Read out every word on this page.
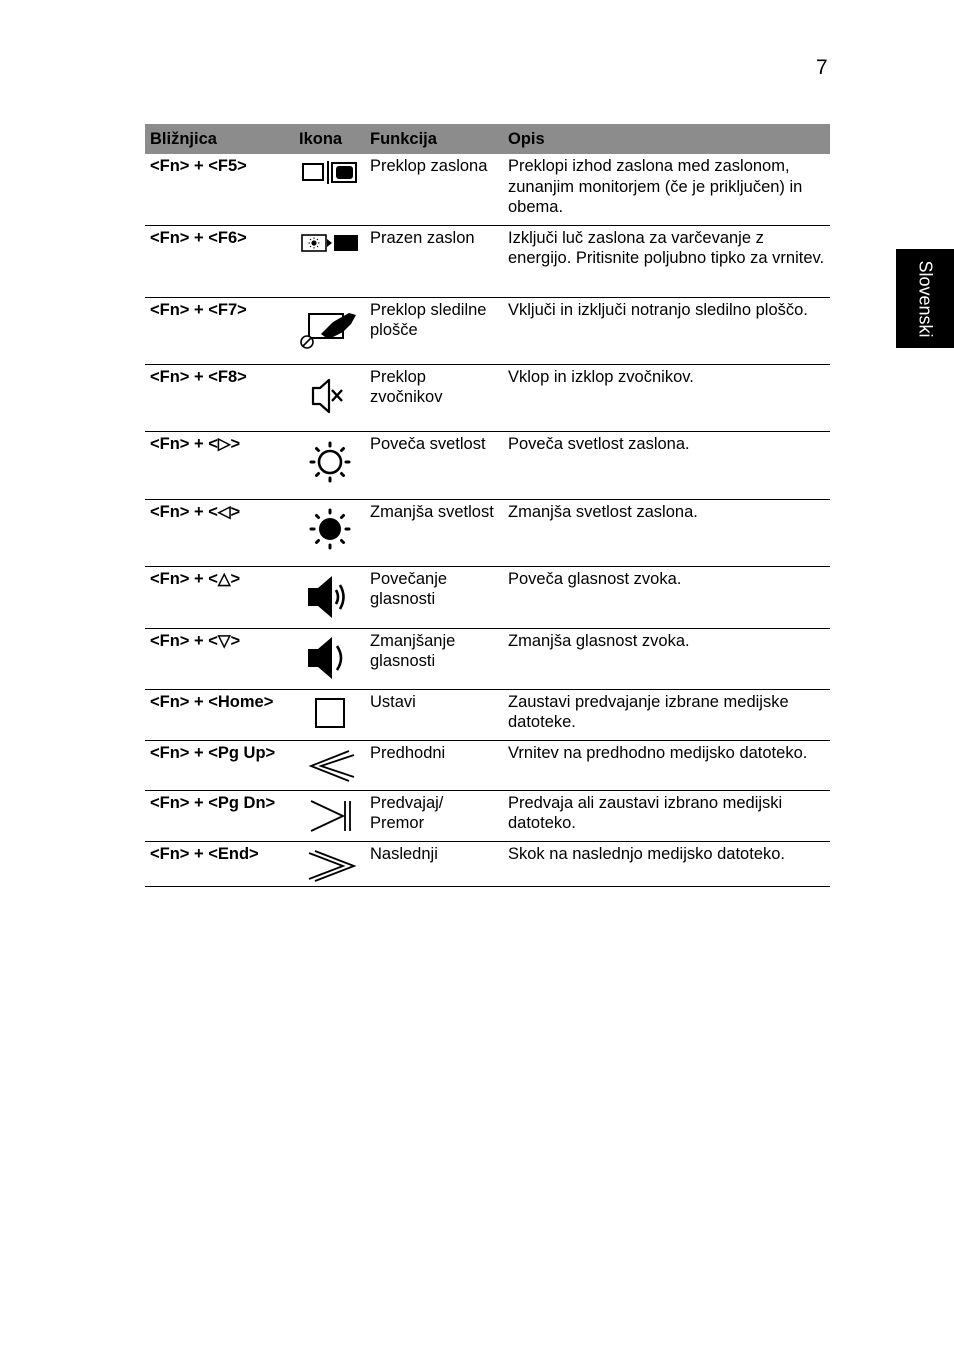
7
Slovenski
Bližnjica	Ikona	Funkcija	Opis
<Fn> + <F5>		Preklop zaslona	Preklopi izhod zaslona med zaslonom, zunanjim monitorjem (če je priključen) in obema.
<Fn> + <F6>		Prazen zaslon	Izključi luč zaslona za varčevanje z energijo. Pritisnite poljubno tipko za vrnitev.
<Fn> + <F7>		Preklop sledilne plošče	Vključi in izključi notranjo sledilno ploščo.
<Fn> + <F8>		Preklop zvočnikov	Vklop in izklop zvočnikov.
<Fn> + <▷>		Poveča svetlost	Poveča svetlost zaslona.
<Fn> + <◁>		Zmanjša svetlost	Zmanjša svetlost zaslona.
<Fn> + <△>		Povečanje glasnosti	Poveča glasnost zvoka.
<Fn> + <▽>		Zmanjšanje glasnosti	Zmanjša glasnost zvoka.
<Fn> + <Home>		Ustavi	Zaustavi predvajanje izbrane medijske datoteke.
<Fn> + <Pg Up>		Predhodni	Vrnitev na predhodno medijsko datoteko.
<Fn> + <Pg Dn>		Predvajaj/ Premor	Predvaja ali zaustavi izbrano medijski datoteko.
<Fn> + <End>		Naslednji	Skok na naslednjo medijsko datoteko.
